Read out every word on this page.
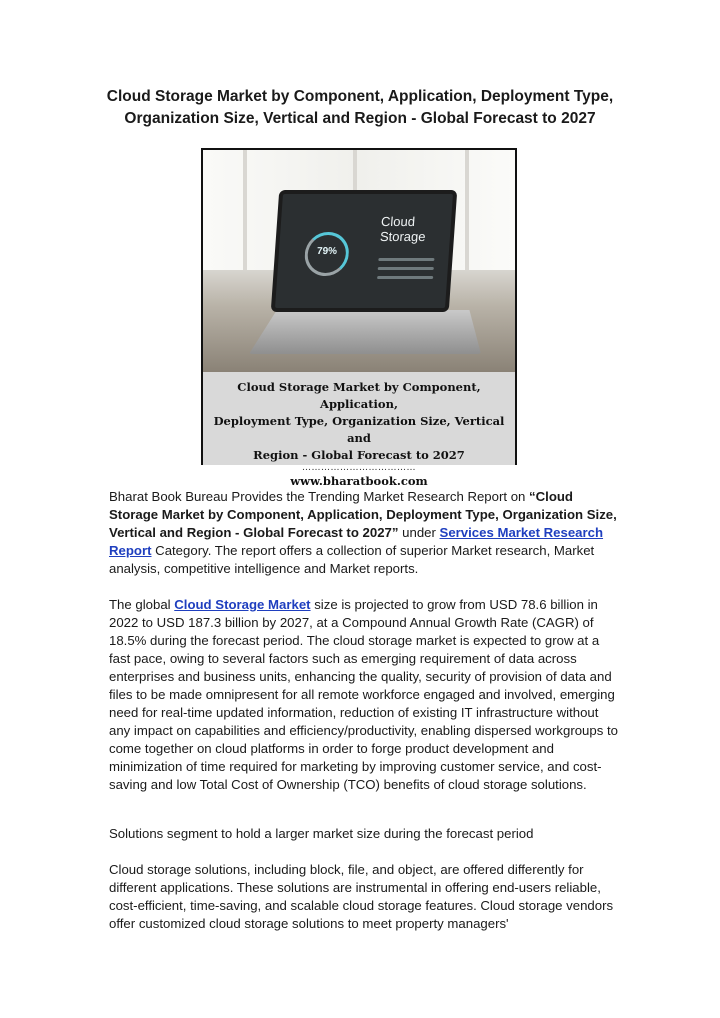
Cloud Storage Market by Component, Application, Deployment Type,
Organization Size, Vertical and Region - Global Forecast to 2027
79%
Cloud
Storage
Cloud Storage Market by Component, Application,
Deployment Type, Organization Size, Vertical and
Region - Global Forecast to 2027
………………………………
www.bharatbook.com

Bharat Book Bureau Provides the Trending Market Research Report on “Cloud Storage Market by Component, Application, Deployment Type, Organization Size, Vertical and Region - Global Forecast to 2027” under Services Market Research Report Category. The report offers a collection of superior Market research, Market analysis, competitive intelligence and Market reports.

The global Cloud Storage Market size is projected to grow from USD 78.6 billion in 2022 to USD 187.3 billion by 2027, at a Compound Annual Growth Rate (CAGR) of 18.5% during the forecast period. The cloud storage market is expected to grow at a fast pace, owing to several factors such as emerging requirement of data across enterprises and business units, enhancing the quality, security of provision of data and files to be made omnipresent for all remote workforce engaged and involved, emerging need for real-time updated information, reduction of existing IT infrastructure without any impact on capabilities and efficiency/productivity, enabling dispersed workgroups to come together on cloud platforms in order to forge product development and minimization of time required for marketing by improving customer service, and cost-saving and low Total Cost of Ownership (TCO) benefits of cloud storage solutions.

Solutions segment to hold a larger market size during the forecast period

Cloud storage solutions, including block, file, and object, are offered differently for different applications. These solutions are instrumental in offering end-users reliable, cost-efficient, time-saving, and scalable cloud storage features. Cloud storage vendors offer customized cloud storage solutions to meet property managers'
